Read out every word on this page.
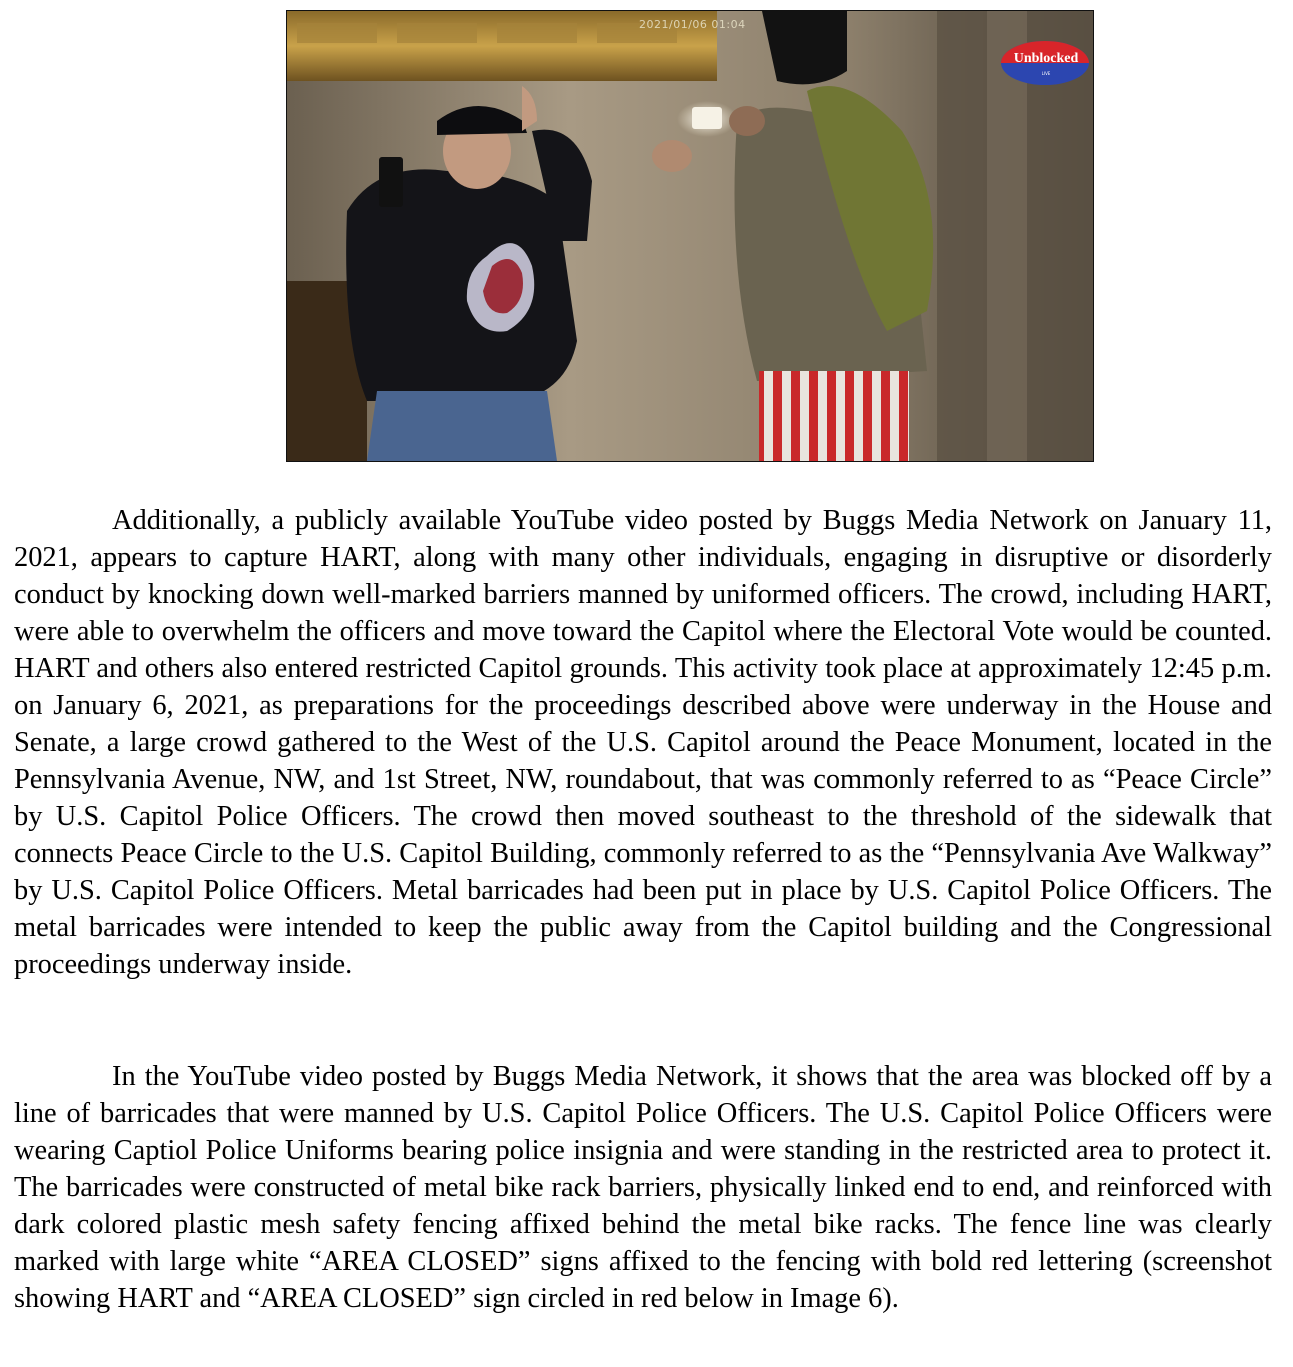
2021/01/06 01:04
Unblocked
LIVE

Additionally, a publicly available YouTube video posted by Buggs Media Network on January 11, 2021, appears to capture HART, along with many other individuals, engaging in disruptive or disorderly conduct by knocking down well-marked barriers manned by uniformed officers. The crowd, including HART, were able to overwhelm the officers and move toward the Capitol where the Electoral Vote would be counted. HART and others also entered restricted Capitol grounds. This activity took place at approximately 12:45 p.m. on January 6, 2021, as preparations for the proceedings described above were underway in the House and Senate, a large crowd gathered to the West of the U.S. Capitol around the Peace Monument, located in the Pennsylvania Avenue, NW, and 1st Street, NW, roundabout, that was commonly referred to as “Peace Circle” by U.S. Capitol Police Officers. The crowd then moved southeast to the threshold of the sidewalk that connects Peace Circle to the U.S. Capitol Building, commonly referred to as the “Pennsylvania Ave Walkway” by U.S. Capitol Police Officers. Metal barricades had been put in place by U.S. Capitol Police Officers. The metal barricades were intended to keep the public away from the Capitol building and the Congressional proceedings underway inside.

In the YouTube video posted by Buggs Media Network, it shows that the area was blocked off by a line of barricades that were manned by U.S. Capitol Police Officers. The U.S. Capitol Police Officers were wearing Captiol Police Uniforms bearing police insignia and were standing in the restricted area to protect it. The barricades were constructed of metal bike rack barriers, physically linked end to end, and reinforced with dark colored plastic mesh safety fencing affixed behind the metal bike racks. The fence line was clearly marked with large white “AREA CLOSED” signs affixed to the fencing with bold red lettering (screenshot showing HART and “AREA CLOSED” sign circled in red below in Image 6).
